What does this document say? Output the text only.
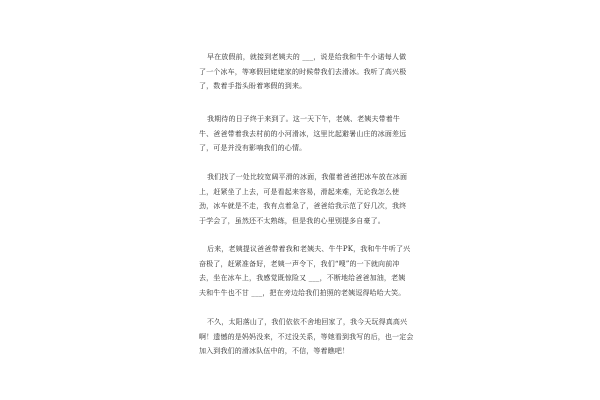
早在放假前，就接到老姨夫的 ___，说是给我和牛牛小诺每人做
了一个冰车，等寒假回姥姥家的时候带我们去滑冰。我听了高兴极
了，数着手指头盼着寒假的到来。

我期待的日子终于来到了。这一天下午，老姨、老姨夫带着牛
牛、爸爸带着我去村前的小河滑冰，这里比起避暑山庄的冰面差远
了，可是并没有影响我们的心情。

我们找了一处比较宽阔平滑的冰面，我催着爸爸把冰车放在冰面
上，赶紧坐了上去，可是看起来容易，滑起来难，无论我怎么使
劲，冰车就是不走，我有点着急了，爸爸给我示范了好几次，我终
于学会了，虽然还不太熟练，但是我的心里别提多自豪了。

后来，老姨提议爸爸带着我和老姨夫、牛牛PK，我和牛牛听了兴
奋极了，赶紧准备好，老姨一声令下，我们“嗖”的一下就向前冲
去，坐在冰车上，我感觉既惊险又 ___，不断地给爸爸加油，老姨
夫和牛牛也不甘 ___，把在旁边给我们拍照的老姨逗得哈哈大笑。

不久，太阳落山了，我们依依不舍地回家了，我今天玩得真高兴
啊！遗憾的是妈妈没来，不过没关系，等她看到我写的后，也一定会
加入到我们的滑冰队伍中的，不信，等着瞧吧！
